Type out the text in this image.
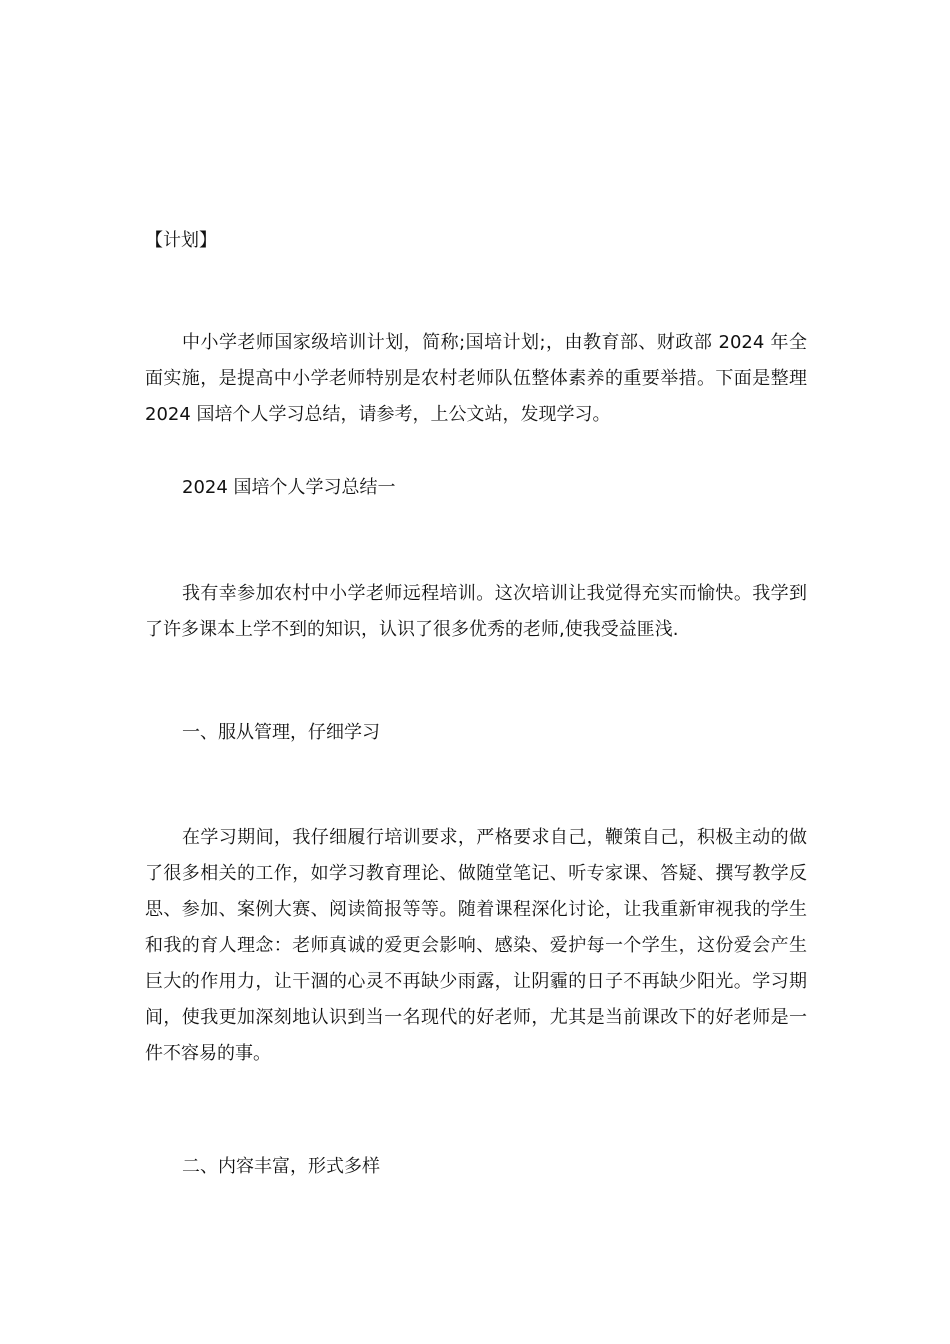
【计划】
中小学老师国家级培训计划，简称;国培计划;，由教育部、财政部 2024 年全面实施，是提高中小学老师特别是农村老师队伍整体素养的重要举措。下面是整理 2024 国培个人学习总结，请参考，上公文站，发现学习。
2024 国培个人学习总结一
我有幸参加农村中小学老师远程培训。这次培训让我觉得充实而愉快。我学到了许多课本上学不到的知识，认识了很多优秀的老师,使我受益匪浅.
一、服从管理，仔细学习
在学习期间，我仔细履行培训要求，严格要求自己，鞭策自己，积极主动的做了很多相关的工作，如学习教育理论、做随堂笔记、听专家课、答疑、撰写教学反思、参加、案例大赛、阅读简报等等。随着课程深化讨论，让我重新审视我的学生和我的育人理念：老师真诚的爱更会影响、感染、爱护每一个学生，这份爱会产生巨大的作用力，让干涸的心灵不再缺少雨露，让阴霾的日子不再缺少阳光。学习期间，使我更加深刻地认识到当一名现代的好老师，尤其是当前课改下的好老师是一件不容易的事。
二、内容丰富，形式多样
